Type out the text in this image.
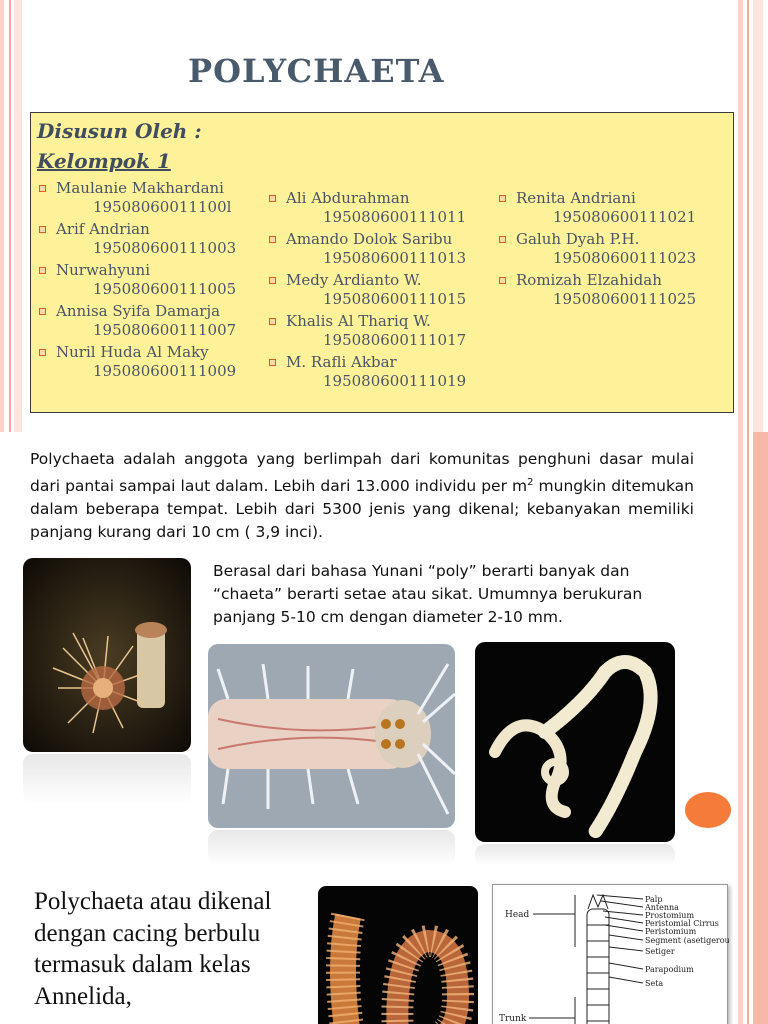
POLYCHAETA
Disusun Oleh :
Kelompok 1
Maulanie Makhardani
19508060011100l
Arif Andrian
195080600111003
Nurwahyuni
195080600111005
Annisa Syifa Damarja
195080600111007
Nuril Huda Al Maky
195080600111009
Ali Abdurahman
195080600111011
Amando Dolok Saribu
195080600111013
Medy Ardianto W.
195080600111015
Khalis Al Thariq W.
195080600111017
M. Rafli Akbar
195080600111019
Renita Andriani
195080600111021
Galuh Dyah P.H.
195080600111023
Romizah Elzahidah
195080600111025

Polychaeta adalah anggota yang berlimpah dari komunitas penghuni dasar mulai dari pantai sampai laut dalam. Lebih dari 13.000 individu per $m^2$ mungkin ditemukan dalam beberapa tempat. Lebih dari 5300 jenis yang dikenal; kebanyakan memiliki panjang kurang dari 10 cm ( 3,9 inci).

Berasal dari bahasa Yunani “poly” berarti banyak dan “chaeta” berarti setae atau sikat. Umumnya berukuran panjang 5-10 cm dengan diameter 2-10 mm.

Polychaeta atau dikenal dengan cacing berbulu termasuk dalam kelas Annelida,

Head
Trunk
Palp
Antenna
Prostomium
Peristomial Cirrus
Peristomium
Segment (asetigerous)
Setiger
Parapodium
Seta
